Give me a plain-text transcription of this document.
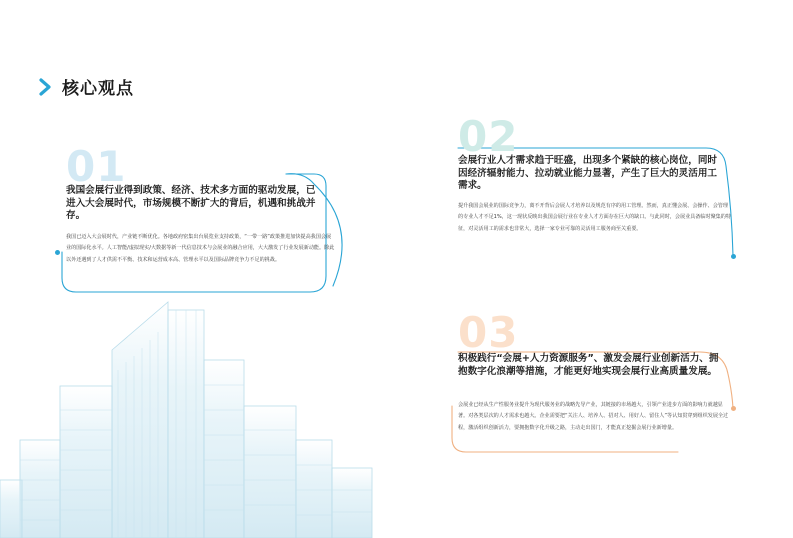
核心观点
01

我国会展行业得到政策、经济、技术多方面的驱动发展，已进入大会展时代，市场规模不断扩大的背后，机遇和挑战并存。

我国已迈入大会展时代，产业链不断优化。各地政府密集出台展览业支持政策，“一带一路”政策推进加快提高我国会展业的国际化水平。人工智能/虚拟现实/大数据等新一代信息技术与会展业的融合应用，大大激发了行业发展新动能。除此以外还遇到了人才供需不平衡、技术和运营成本高、管理水平以及国际品牌竞争力不足的挑战。

02

会展行业人才需求趋于旺盛，出现多个紧缺的核心岗位，同时因经济辐射能力、拉动就业能力显著，产生了巨大的灵活用工需求。

提升我国会展业的国际竞争力，离不开背后会展人才培养以及规范有序的用工管理。然而，真正懂会展、会操作、会管理的专业人才不足1%，这一现状反映出我国会展行业在专业人才方面存在巨大的缺口。与此同时，会展业具备临时聚集的特征，对灵活用工的需求也非常大，选择一家专业可靠的灵活用工服务商至关重要。

03

积极践行“会展+人力资源服务”、激发会展行业创新活力、拥抱数字化浪潮等措施，才能更好地实现会展行业高质量发展。

会展业已经从生产性服务业提升为现代服务业的战略先导产业，其链接的市场越大，引领产业进步方面的影响力就越显著。对各类层次的人才需求也越大。企业需要把“关注人、培养人、招对人、用好人、留住人”等认知贯穿到组织发展全过程，激活组织创新活力，要拥抱数字化升级之路，主动走出国门，才能真正挖掘会展行业新增量。
